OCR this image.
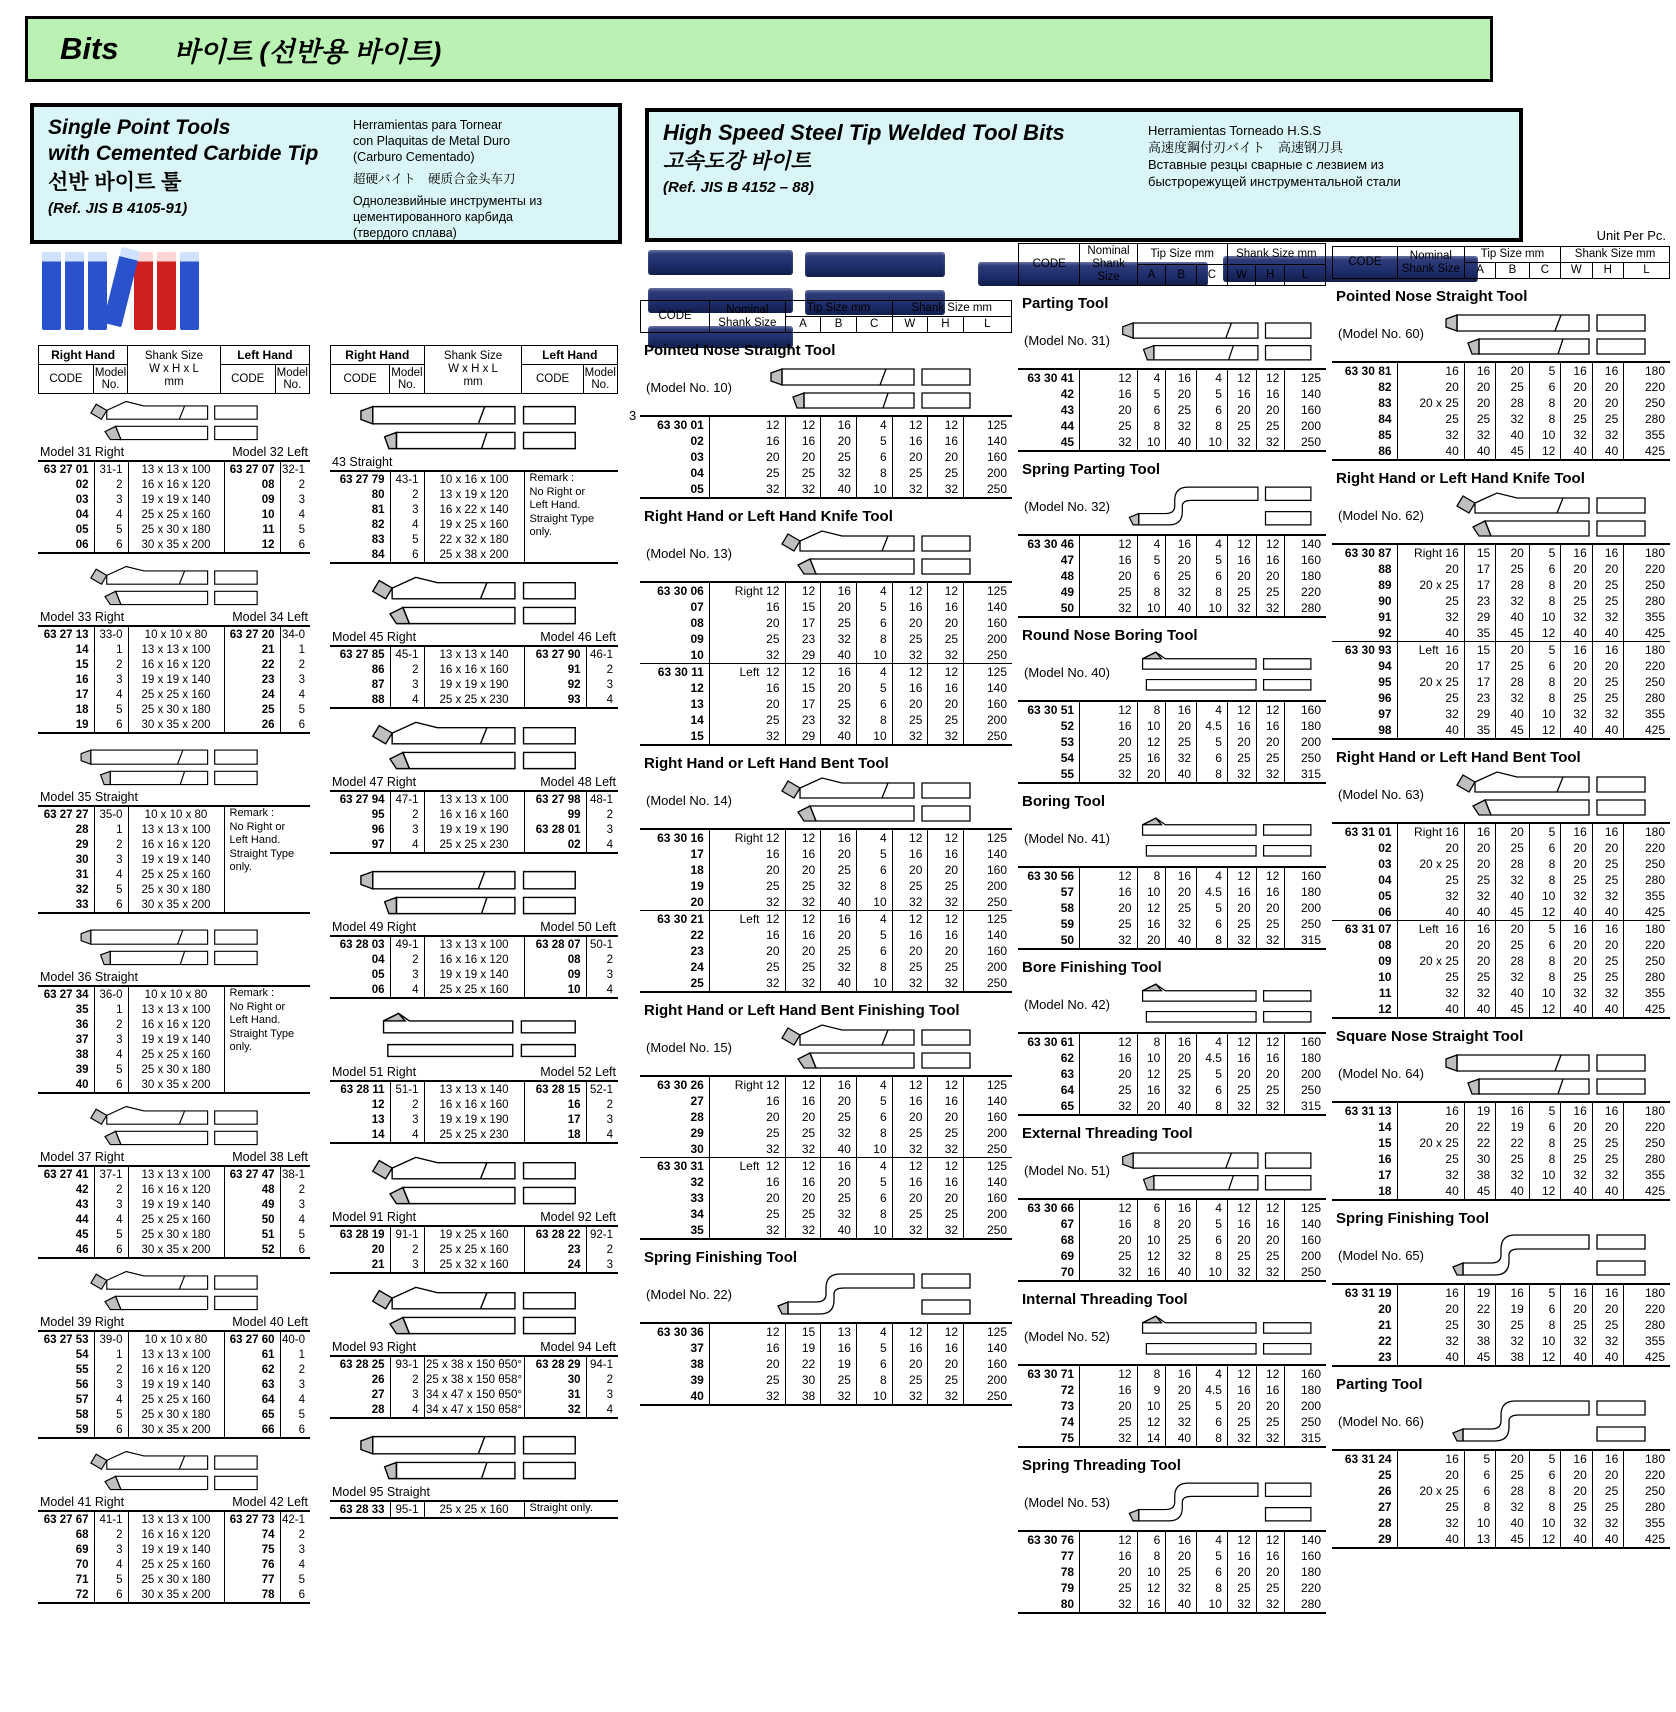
Bits 바이트 (선반용 바이트)
3
Single Point Tools
with Cemented Carbide Tip
선반 바이트 툴
(Ref. JIS B 4105-91)
Herramientas para Tornear
con Plaquitas de Metal Duro
(Carburo Cementado)
超硬バイト　硬质合金头车刀
Однолезвийные инструменты из
цементированного карбида
(твердого сплава)
High Speed Steel Tip Welded Tool Bits
고속도강 바이트
(Ref. JIS B 4152 – 88)
Herramientas Torneado H.S.S
高速度鋼付刃バイト　高速钢刀具
Вставные резцы сварные с лезвием из
быстрорежущей инструментальной стали
Right Hand		Shank Size
W x H x L
mm	Left Hand	
CODE	Model No.		CODE	Model No.
Model 31 Right	Model 32 Left
63 27 01	31-1	13 x 13 x 100	63 27 07	32-1
02	2	16 x 16 x 120	08	2
03	3	19 x 19 x 140	09	3
04	4	25 x 25 x 160	10	4
05	5	25 x 30 x 180	11	5
06	6	30 x 35 x 200	12	6
Model 33 Right	Model 34 Left
63 27 13	33-0	10 x 10 x 80	63 27 20	34-0
14	1	13 x 13 x 100	21	1
15	2	16 x 16 x 120	22	2
16	3	19 x 19 x 140	23	3
17	4	25 x 25 x 160	24	4
18	5	25 x 30 x 180	25	5
19	6	30 x 35 x 200	26	6
Model 35 Straight
63 27 27	35-0	10 x 10 x 80	Remark :
No Right or
Left Hand.
Straight Type
only.

28	1	13 x 13 x 100	
29	2	16 x 16 x 120	
30	3	19 x 19 x 140	
31	4	25 x 25 x 160	
32	5	25 x 30 x 180	
33	6	30 x 35 x 200	
Model 36 Straight
63 27 34	36-0	10 x 10 x 80	Remark :
No Right or
Left Hand.
Straight Type
only.

35	1	13 x 13 x 100	
36	2	16 x 16 x 120	
37	3	19 x 19 x 140	
38	4	25 x 25 x 160	
39	5	25 x 30 x 180	
40	6	30 x 35 x 200	
Model 37 Right	Model 38 Left
63 27 41	37-1	13 x 13 x 100	63 27 47	38-1
42	2	16 x 16 x 120	48	2
43	3	19 x 19 x 140	49	3
44	4	25 x 25 x 160	50	4
45	5	25 x 30 x 180	51	5
46	6	30 x 35 x 200	52	6
Model 39 Right	Model 40 Left
63 27 53	39-0	10 x 10 x 80	63 27 60	40-0
54	1	13 x 13 x 100	61	1
55	2	16 x 16 x 120	62	2
56	3	19 x 19 x 140	63	3
57	4	25 x 25 x 160	64	4
58	5	25 x 30 x 180	65	5
59	6	30 x 35 x 200	66	6
Model 41 Right	Model 42 Left
63 27 67	41-1	13 x 13 x 100	63 27 73	42-1
68	2	16 x 16 x 120	74	2
69	3	19 x 19 x 140	75	3
70	4	25 x 25 x 160	76	4
71	5	25 x 30 x 180	77	5
72	6	30 x 35 x 200	78	6
Right Hand		Shank Size
W x H x L
mm	Left Hand	
CODE	Model No.		CODE	Model No.
43 Straight
63 27 79	43-1	10 x 16 x 100	Remark :
No Right or
Left Hand.
Straight Type
only.

80	2	13 x 19 x 120	
81	3	16 x 22 x 140	
82	4	19 x 25 x 160	
83	5	22 x 32 x 180	
84	6	25 x 38 x 200	
Model 45 Right	Model 46 Left
63 27 85	45-1	13 x 13 x 140	63 27 90	46-1
86	2	16 x 16 x 160	91	2
87	3	19 x 19 x 190	92	3
88	4	25 x 25 x 230	93	4
Model 47 Right	Model 48 Left
63 27 94	47-1	13 x 13 x 100	63 27 98	48-1
95	2	16 x 16 x 160	99	2
96	3	19 x 19 x 190	63 28 01	3
97	4	25 x 25 x 230	02	4
Model 49 Right	Model 50 Left
63 28 03	49-1	13 x 13 x 100	63 28 07	50-1
04	2	16 x 16 x 120	08	2
05	3	19 x 19 x 140	09	3
06	4	25 x 25 x 160	10	4
Model 51 Right	Model 52 Left
63 28 11	51-1	13 x 13 x 140	63 28 15	52-1
12	2	16 x 16 x 160	16	2
13	3	19 x 19 x 190	17	3
14	4	25 x 25 x 230	18	4
Model 91 Right	Model 92 Left
63 28 19	91-1	19 x 25 x 160	63 28 22	92-1
20	2	25 x 25 x 160	23	2
21	3	25 x 32 x 160	24	3
Model 93 Right	Model 94 Left
63 28 25	93-1	25 x 38 x 150 θ50°	63 28 29	94-1
26	2	25 x 38 x 150 θ58°	30	2
27	3	34 x 47 x 150 θ50°	31	3
28	4	34 x 47 x 150 θ58°	32	4
Model 95 Straight
63 28 33	95-1	25 x 25 x 160	Straight only.
CODE	Nominal Shank Size	Tip Size mm			Shank Size mm		
		A	B	C	W	H	L
Pointed Nose Straight Tool
(Model No. 10)
63 30 01	12	12	16	4	12	12	125
02	16	16	20	5	16	16	140
03	20	20	25	6	20	20	160
04	25	25	32	8	25	25	200
05	32	32	40	10	32	32	250
Right Hand or Left Hand Knife Tool
(Model No. 13)
63 30 06	Right 12	12	16	4	12	12	125
07	16	15	20	5	16	16	140
08	20	17	25	6	20	20	160
09	25	23	32	8	25	25	200
10	32	29	40	10	32	32	250
63 30 11	Left  12	12	16	4	12	12	125
12	16	15	20	5	16	16	140
13	20	17	25	6	20	20	160
14	25	23	32	8	25	25	200
15	32	29	40	10	32	32	250
Right Hand or Left Hand Bent Tool
(Model No. 14)
63 30 16	Right 12	12	16	4	12	12	125
17	16	16	20	5	16	16	140
18	20	20	25	6	20	20	160
19	25	25	32	8	25	25	200
20	32	32	40	10	32	32	250
63 30 21	Left  12	12	16	4	12	12	125
22	16	16	20	5	16	16	140
23	20	20	25	6	20	20	160
24	25	25	32	8	25	25	200
25	32	32	40	10	32	32	250
Right Hand or Left Hand Bent Finishing Tool
(Model No. 15)
63 30 26	Right 12	12	16	4	12	12	125
27	16	16	20	5	16	16	140
28	20	20	25	6	20	20	160
29	25	25	32	8	25	25	200
30	32	32	40	10	32	32	250
63 30 31	Left  12	12	16	4	12	12	125
32	16	16	20	5	16	16	140
33	20	20	25	6	20	20	160
34	25	25	32	8	25	25	200
35	32	32	40	10	32	32	250
Spring Finishing Tool
(Model No. 22)
63 30 36	12	15	13	4	12	12	125
37	16	19	16	5	16	16	140
38	20	22	19	6	20	20	160
39	25	30	25	8	25	25	200
40	32	38	32	10	32	32	250
CODE	Nominal Shank Size	Tip Size mm			Shank Size mm		
		A	B	C	W	H	L
Parting Tool
(Model No. 31)
63 30 41	12	4	16	4	12	12	125
42	16	5	20	5	16	16	140
43	20	6	25	6	20	20	160
44	25	8	32	8	25	25	200
45	32	10	40	10	32	32	250
Spring Parting Tool
(Model No. 32)
63 30 46	12	4	16	4	12	12	140
47	16	5	20	5	16	16	160
48	20	6	25	6	20	20	180
49	25	8	32	8	25	25	220
50	32	10	40	10	32	32	280
Round Nose Boring Tool
(Model No. 40)
63 30 51	12	8	16	4	12	12	160
52	16	10	20	4.5	16	16	180
53	20	12	25	5	20	20	200
54	25	16	32	6	25	25	250
55	32	20	40	8	32	32	315
Boring Tool
(Model No. 41)
63 30 56	12	8	16	4	12	12	160
57	16	10	20	4.5	16	16	180
58	20	12	25	5	20	20	200
59	25	16	32	6	25	25	250
50	32	20	40	8	32	32	315
Bore Finishing Tool
(Model No. 42)
63 30 61	12	8	16	4	12	12	160
62	16	10	20	4.5	16	16	180
63	20	12	25	5	20	20	200
64	25	16	32	6	25	25	250
65	32	20	40	8	32	32	315
External Threading Tool
(Model No. 51)
63 30 66	12	6	16	4	12	12	125
67	16	8	20	5	16	16	140
68	20	10	25	6	20	20	160
69	25	12	32	8	25	25	200
70	32	16	40	10	32	32	250
Internal Threading Tool
(Model No. 52)
63 30 71	12	8	16	4	12	12	160
72	16	9	20	4.5	16	16	180
73	20	10	25	5	20	20	200
74	25	12	32	6	25	25	250
75	32	14	40	8	32	32	315
Spring Threading Tool
(Model No. 53)
63 30 76	12	6	16	4	12	12	140
77	16	8	20	5	16	16	160
78	20	10	25	6	20	20	180
79	25	12	32	8	25	25	220
80	32	16	40	10	32	32	280
Unit Per Pc.
CODE	Nominal Shank Size	Tip Size mm			Shank Size mm		
		A	B	C	W	H	L
Pointed Nose Straight Tool
(Model No. 60)
63 30 81	16	16	20	5	16	16	180
82	20	20	25	6	20	20	220
83	20 x 25	20	28	8	20	20	250
84	25	25	32	8	25	25	280
85	32	32	40	10	32	32	355
86	40	40	45	12	40	40	425
Right Hand or Left Hand Knife Tool
(Model No. 62)
63 30 87	Right 16	15	20	5	16	16	180
88	20	17	25	6	20	20	220
89	20 x 25	17	28	8	20	25	250
90	25	23	32	8	25	25	280
91	32	29	40	10	32	32	355
92	40	35	45	12	40	40	425
63 30 93	Left  16	15	20	5	16	16	180
94	20	17	25	6	20	20	220
95	20 x 25	17	28	8	20	25	250
96	25	23	32	8	25	25	280
97	32	29	40	10	32	32	355
98	40	35	45	12	40	40	425
Right Hand or Left Hand Bent Tool
(Model No. 63)
63 31 01	Right 16	16	20	5	16	16	180
02	20	20	25	6	20	20	220
03	20 x 25	20	28	8	20	25	250
04	25	25	32	8	25	25	280
05	32	32	40	10	32	32	355
06	40	40	45	12	40	40	425
63 31 07	Left  16	16	20	5	16	16	180
08	20	20	25	6	20	20	220
09	20 x 25	20	28	8	20	25	250
10	25	25	32	8	25	25	280
11	32	32	40	10	32	32	355
12	40	40	45	12	40	40	425
Square Nose Straight Tool
(Model No. 64)
63 31 13	16	19	16	5	16	16	180
14	20	22	19	6	20	20	220
15	20 x 25	22	22	8	25	25	250
16	25	30	25	8	25	25	280
17	32	38	32	10	32	32	355
18	40	45	40	12	40	40	425
Spring Finishing Tool
(Model No. 65)
63 31 19	16	19	16	5	16	16	180
20	20	22	19	6	20	20	220
21	25	30	25	8	25	25	280
22	32	38	32	10	32	32	355
23	40	45	38	12	40	40	425
Parting Tool
(Model No. 66)
63 31 24	16	5	20	5	16	16	180
25	20	6	25	6	20	20	220
26	20 x 25	6	28	8	20	25	250
27	25	8	32	8	25	25	280
28	32	10	40	10	32	32	355
29	40	13	45	12	40	40	425
